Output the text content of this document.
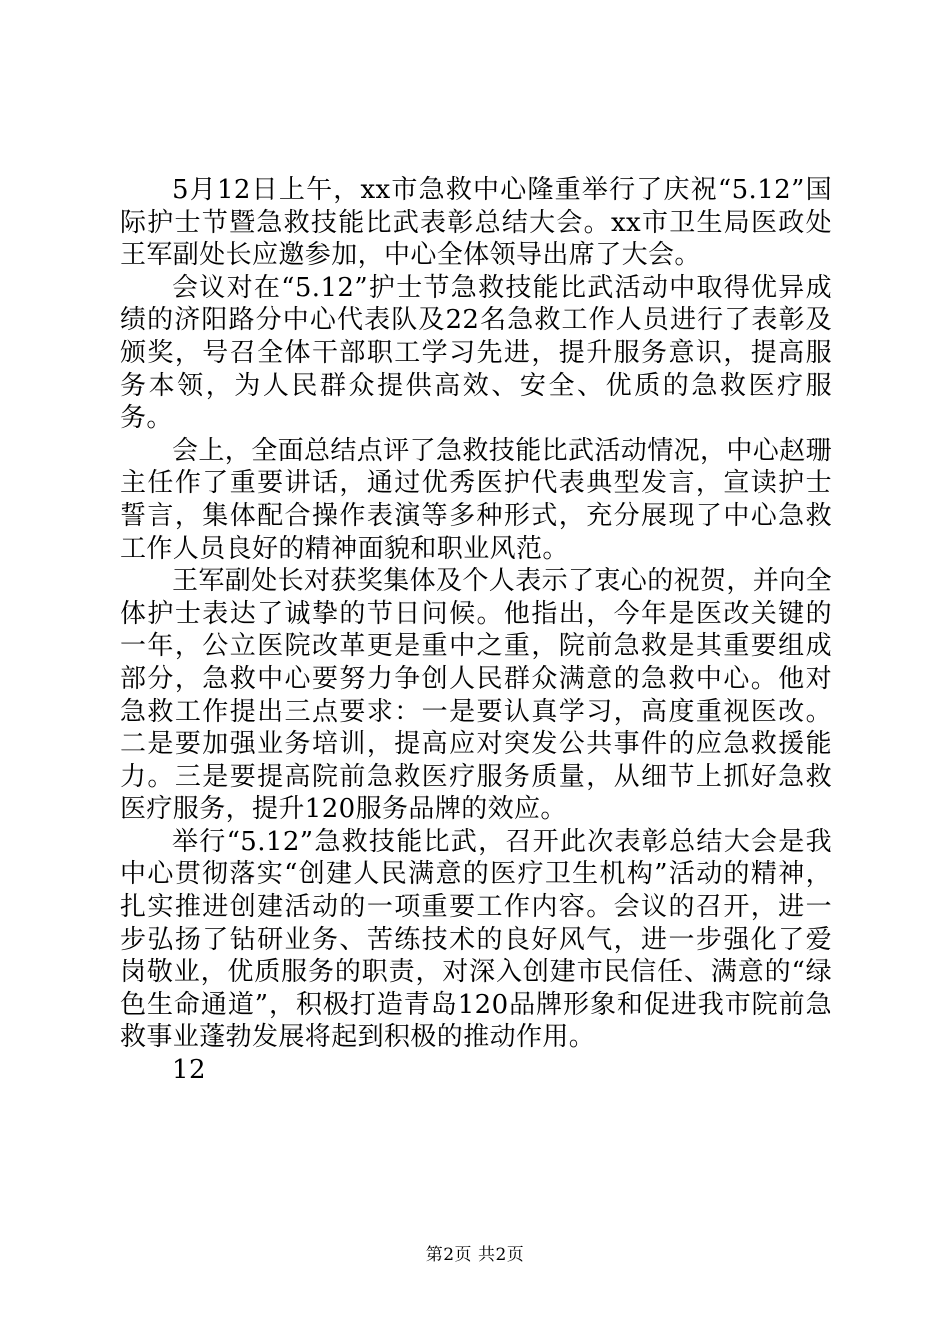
5月12日上午，xx市急救中心隆重举行了庆祝“5.12”国际护士节暨急救技能比武表彰总结大会。xx市卫生局医政处王军副处长应邀参加，中心全体领导出席了大会。

会议对在“5.12”护士节急救技能比武活动中取得优异成绩的济阳路分中心代表队及22名急救工作人员进行了表彰及颁奖，号召全体干部职工学习先进，提升服务意识，提高服务本领，为人民群众提供高效、安全、优质的急救医疗服务。

会上，全面总结点评了急救技能比武活动情况，中心赵珊主任作了重要讲话，通过优秀医护代表典型发言，宣读护士誓言，集体配合操作表演等多种形式，充分展现了中心急救工作人员良好的精神面貌和职业风范。

王军副处长对获奖集体及个人表示了衷心的祝贺，并向全体护士表达了诚挚的节日问候。他指出，今年是医改关键的一年，公立医院改革更是重中之重，院前急救是其重要组成部分，急救中心要努力争创人民群众满意的急救中心。他对急救工作提出三点要求：一是要认真学习，高度重视医改。二是要加强业务培训，提高应对突发公共事件的应急救援能力。三是要提高院前急救医疗服务质量，从细节上抓好急救医疗服务，提升120服务品牌的效应。

举行“5.12”急救技能比武，召开此次表彰总结大会是我中心贯彻落实“创建人民满意的医疗卫生机构”活动的精神，扎实推进创建活动的一项重要工作内容。会议的召开，进一步弘扬了钻研业务、苦练技术的良好风气，进一步强化了爱岗敬业，优质服务的职责，对深入创建市民信任、满意的“绿色生命通道”，积极打造青岛120品牌形象和促进我市院前急救事业蓬勃发展将起到积极的推动作用。

12

第2页 共2页
